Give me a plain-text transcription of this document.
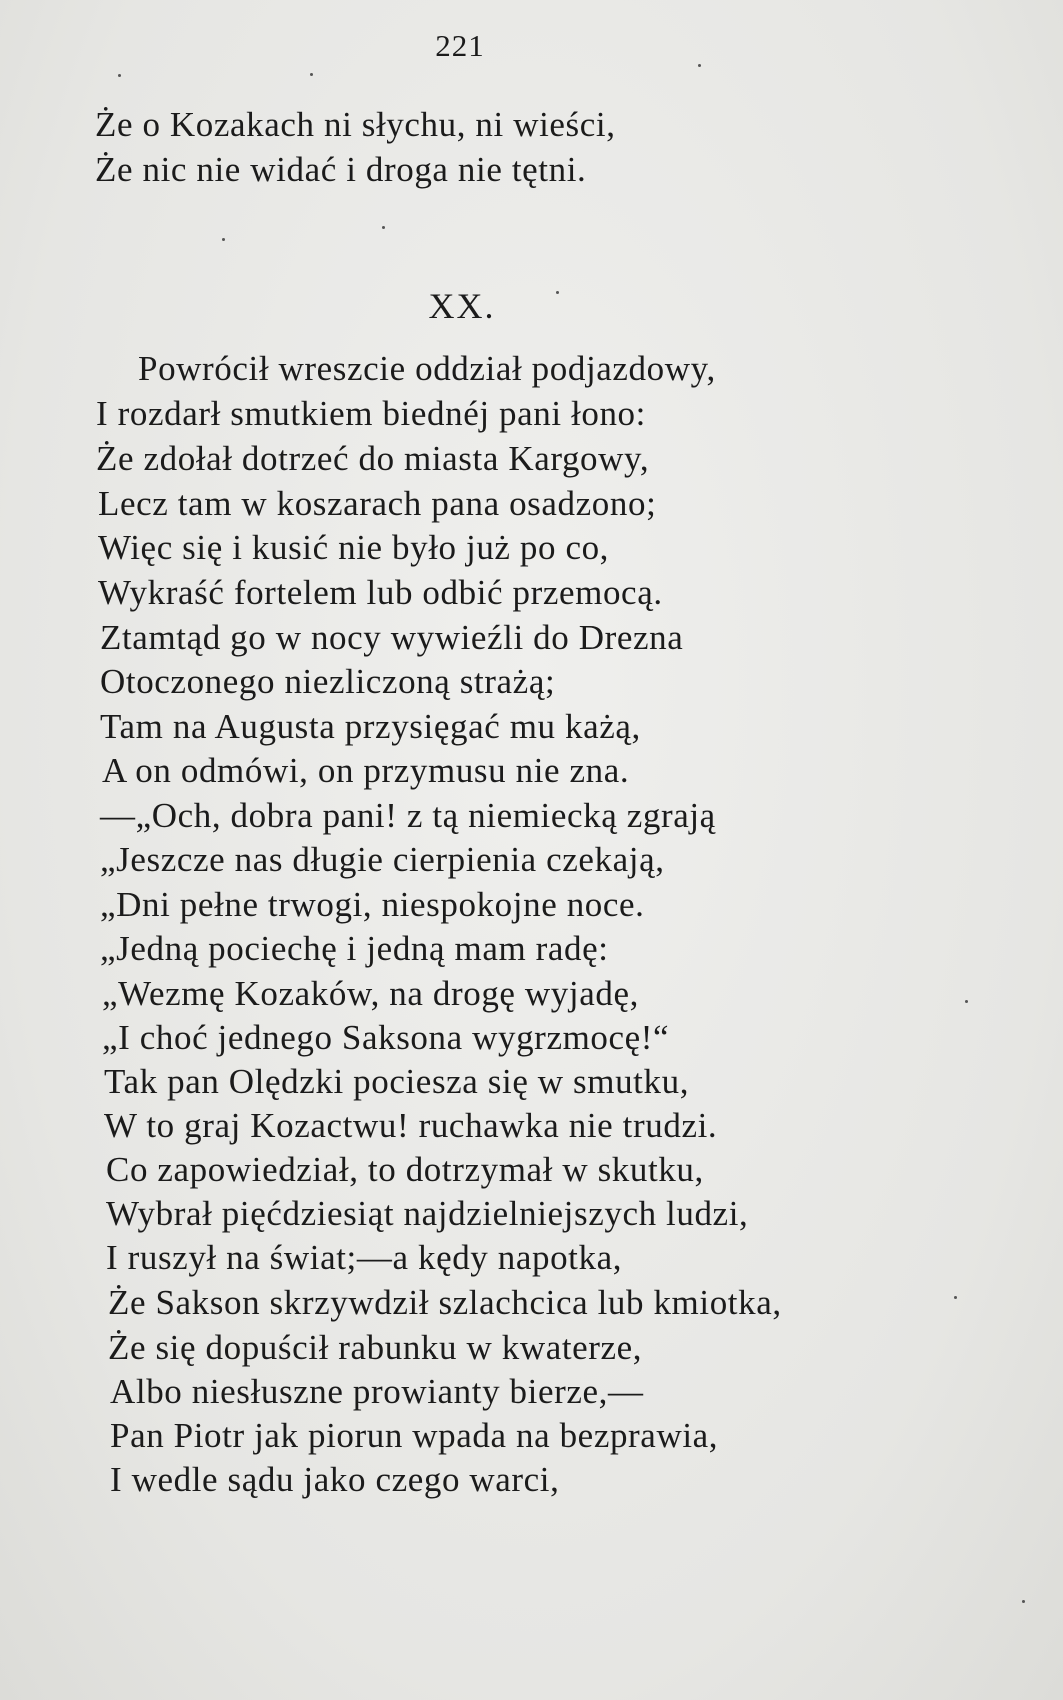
221
Że o Kozakach ni słychu, ni wieści,
Że nic nie widać i droga nie tętni.
XX.
Powrócił wreszcie oddział podjazdowy,
I rozdarł smutkiem biednéj pani łono:
Że zdołał dotrzeć do miasta Kargowy,
Lecz tam w koszarach pana osadzono;
Więc się i kusić nie było już po co,
Wykraść fortelem lub odbić przemocą.
Ztamtąd go w nocy wywieźli do Drezna
Otoczonego niezliczoną strażą;
Tam na Augusta przysięgać mu każą,
A on odmówi, on przymusu nie zna.
—„Och, dobra pani! z tą niemiecką zgrają
„Jeszcze nas długie cierpienia czekają,
„Dni pełne trwogi, niespokojne noce.
„Jedną pociechę i jedną mam radę:
„Wezmę Kozaków, na drogę wyjadę,
„I choć jednego Saksona wygrzmocę!“
Tak pan Olędzki pociesza się w smutku,
W to graj Kozactwu! ruchawka nie trudzi.
Co zapowiedział, to dotrzymał w skutku,
Wybrał pięćdziesiąt najdzielniejszych ludzi,
I ruszył na świat;—a kędy napotka,
Że Sakson skrzywdził szlachcica lub kmiotka,
Że się dopuścił rabunku w kwaterze,
Albo niesłuszne prowianty bierze,—
Pan Piotr jak piorun wpada na bezprawia,
I wedle sądu jako czego warci,
